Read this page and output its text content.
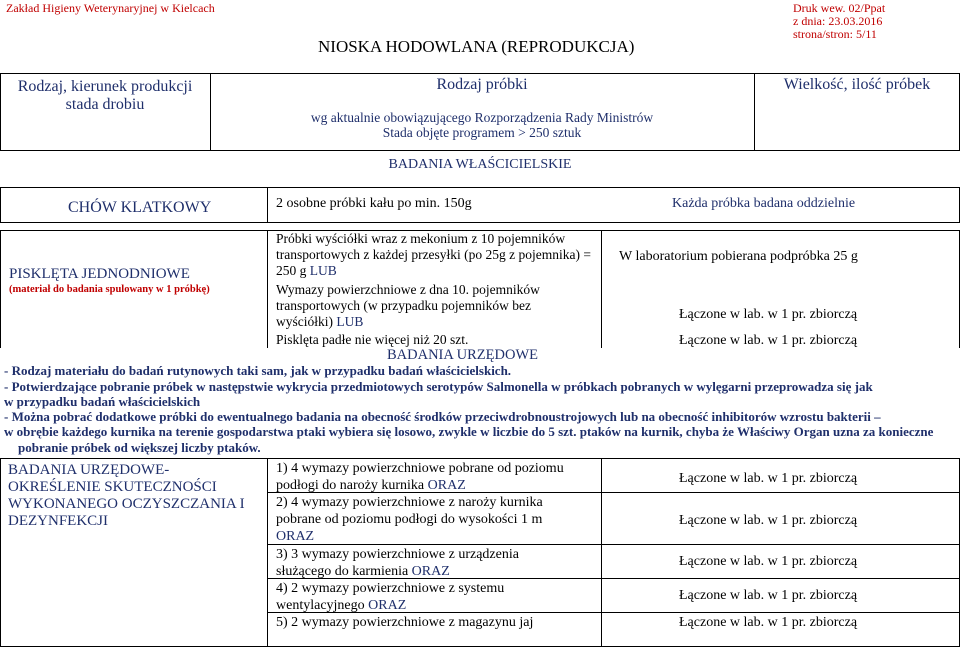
Zakład Higieny Weterynaryjnej w Kielcach
NIOSKA HODOWLANA (REPRODUKCJA)
Druk wew. 02/Ppat
z dnia: 23.03.2016
strona/stron: 5/11
Rodzaj, kierunek produkcji stada drobiu
Rodzaj próbki
wg aktualnie obowiązującego Rozporządzenia Rady Ministrów
Stada objęte programem > 250 sztuk
Wielkość, ilość próbek
BADANIA WŁAŚCICIELSKIE
CHÓW KLATKOWY	2 osobne próbki kału po min. 150g	Każda próbka badana oddzielnie
PISKLĘTA JEDNODNIOWE
(materiał do badania spulowany w 1 próbkę)
Próbki wyściółki wraz z mekonium z 10 pojemników transportowych z każdej przesyłki (po 25g z pojemnika) = 250 g LUB
Wymazy powierzchniowe z dna 10. pojemników transportowych (w przypadku pojemników bez wyściółki) LUB
Pisklęta padłe nie więcej niż 20 szt.
W laboratorium pobierana podpróbka 25 g
Łączone w lab. w 1 pr. zbiorczą
Łączone w lab. w 1 pr. zbiorczą
BADANIA URZĘDOWE
- Rodzaj materiału do badań rutynowych taki sam, jak w przypadku badań właścicielskich.
- Potwierdzające pobranie próbek w następstwie wykrycia przedmiotowych serotypów Salmonella w próbkach pobranych w wylęgarni przeprowadza się jak
w przypadku badań właścicielskich
- Można pobrać dodatkowe próbki do ewentualnego badania na obecność środków przeciwdrobnoustrojowych lub na obecność inhibitorów wzrostu bakterii –
w obrębie każdego kurnika na terenie gospodarstwa ptaki wybiera się losowo, zwykle w liczbie do 5 szt. ptaków na kurnik, chyba że Właściwy Organ uzna za konieczne
pobranie próbek od większej liczby ptaków.
BADANIA URZĘDOWE- OKREŚLENIE SKUTECZNOŚCI WYKONANEGO OCZYSZCZANIA I DEZYNFEKCJI
1) 4 wymazy powierzchniowe pobrane od poziomu podłogi do naroży kurnika ORAZ
2) 4 wymazy powierzchniowe z naroży kurnika pobrane od poziomu podłogi do wysokości 1 m ORAZ
3) 3 wymazy powierzchniowe z urządzenia służącego do karmienia ORAZ
4) 2 wymazy powierzchniowe z systemu wentylacyjnego ORAZ
5) 2 wymazy powierzchniowe z magazynu jaj
Łączone w lab. w 1 pr. zbiorczą
Łączone w lab. w 1 pr. zbiorczą
Łączone w lab. w 1 pr. zbiorczą
Łączone w lab. w 1 pr. zbiorczą
Łączone w lab. w 1 pr. zbiorczą
